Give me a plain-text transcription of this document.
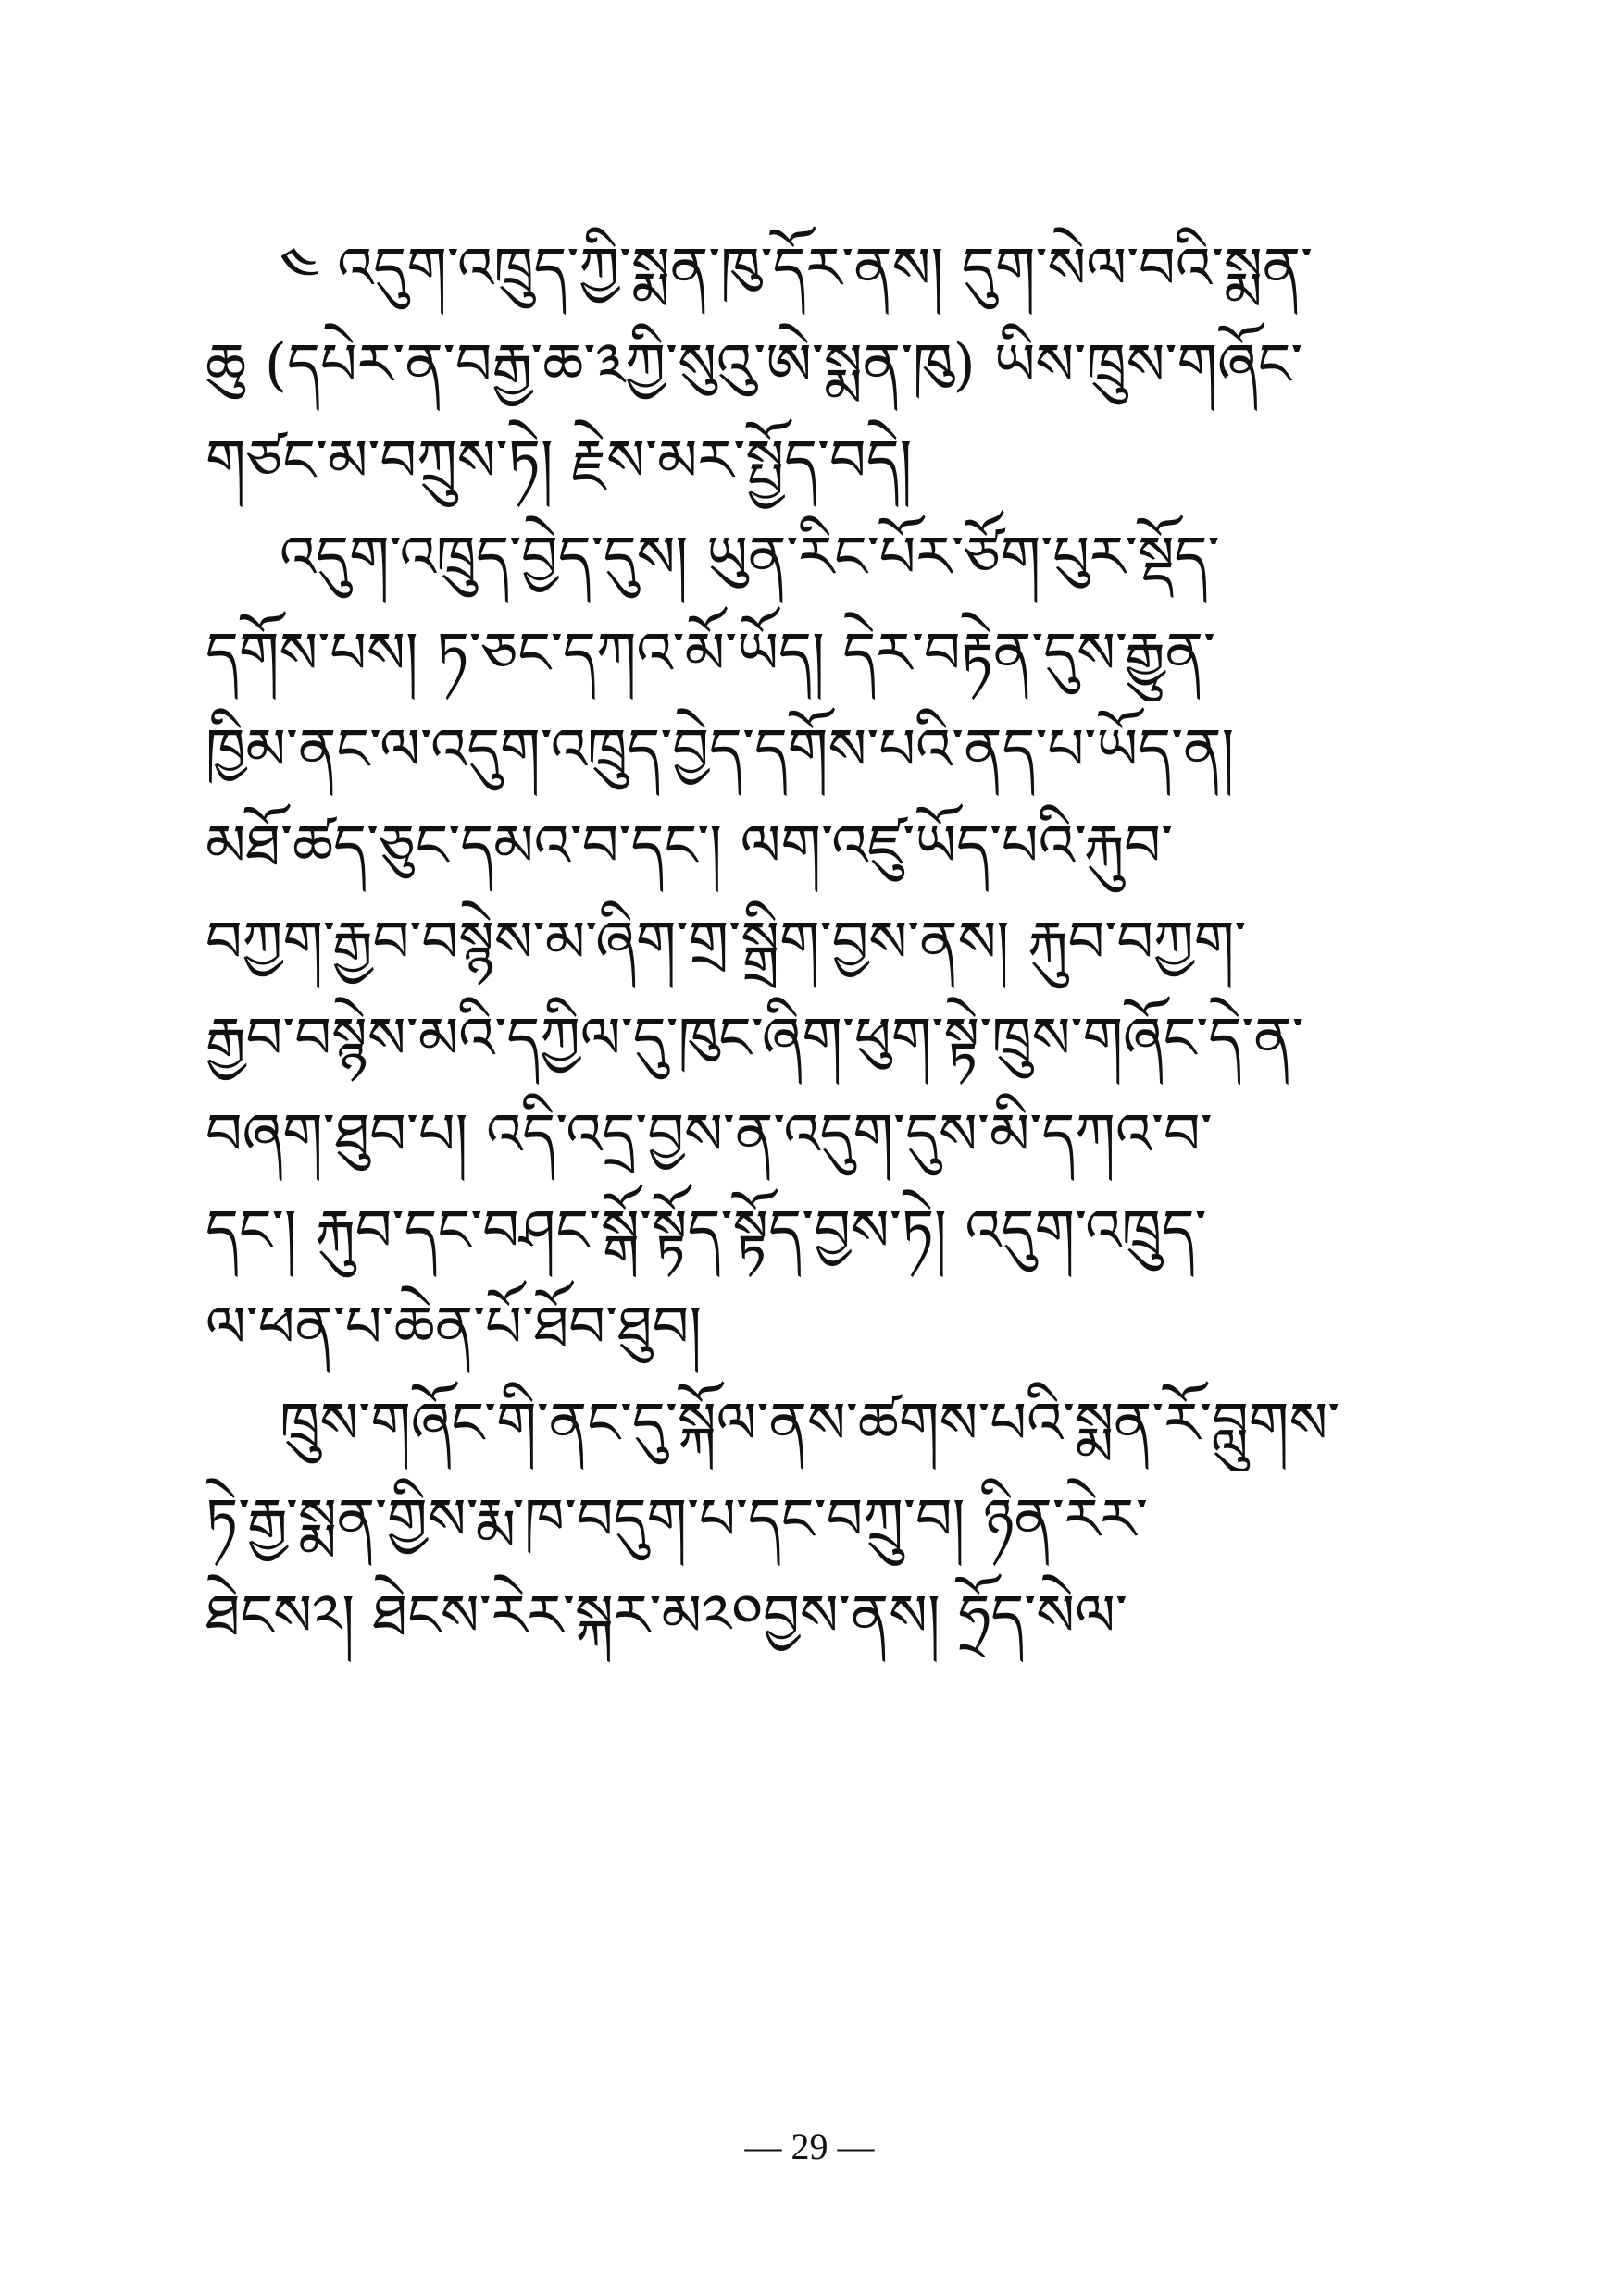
༤ འདུག་འཁྲུད་ཀྱི་སྨན་ཁུ་དོར་ནས། དུག་སེལ་བའི་སྨན་
ཆུ (དཔེར་ན་བརྒྱ་ཆ་༣ཀྱི་སུའུ་ཨེ་སྨན་ཁུ) ཡིས་ཁྲུས་གཞོང་
གཙང་མ་བཀྲུས་ཏེ། རྗེས་མར་སྤྱོད་བདེ།
འདུག་འཁྲུད་བྱེད་དུས། ཡུན་རིང་པོར་ཙོག་པུར་སྡོད་
དགོས་པས། ཏ་ཅང་དཀའ་མོ་ཡོད། དེར་བརྟེན་དུས་རྒྱུན་
ཁྱིམ་ནང་ལ་འདུག་འཁྲུད་བྱེད་དགོས་པའི་ནད་པ་ཡོད་ན།
མཐོ་ཚད་ཅུང་དམའ་བ་དང་། ལག་འཛུ་ཡོད་པའི་རྐུབ་
བཀྱག་རྒྱབ་བསྙེས་མ་ཞིག་གྲ་སྒྲིག་བྱས་ནས། རྐུབ་བཀྱག་
རྒྱབ་བསྙེས་མའི་དཀྱིལ་དུ་ཁུང་ཞིག་ཕུག་སྟེ་ཁྲུས་གཞོང་དེ་ན་
བཞག་ཐུབ་པ། འདི་འདྲ་བྱས་ན་འདུག་དུས་མི་དཀའ་བ་
དང་། རྐུབ་དང་བཤང་སྒོ་སྟོད་སྟོད་བྱས་ཏེ། འདུག་འཁྲུད་
ལ་ཕན་པ་ཆེན་པོ་ཐོབ་ཐུབ།
ཁྲུས་གཞོང་གི་ནང་དུ་སྐོལ་ནས་ཚགས་པའི་སྨན་རོ་བླུགས་
ཏེ་རྒྱ་སྨན་གྱིས་རྨ་ཁ་བདུག་པ་དང་བཀྲུ་བ། ཉིན་རེར་
ཐེངས༢། ཐེངས་རེར་སྐར་མ༢༠བྱས་ནས། ཧྲོད་སེལ་
— 29 —
